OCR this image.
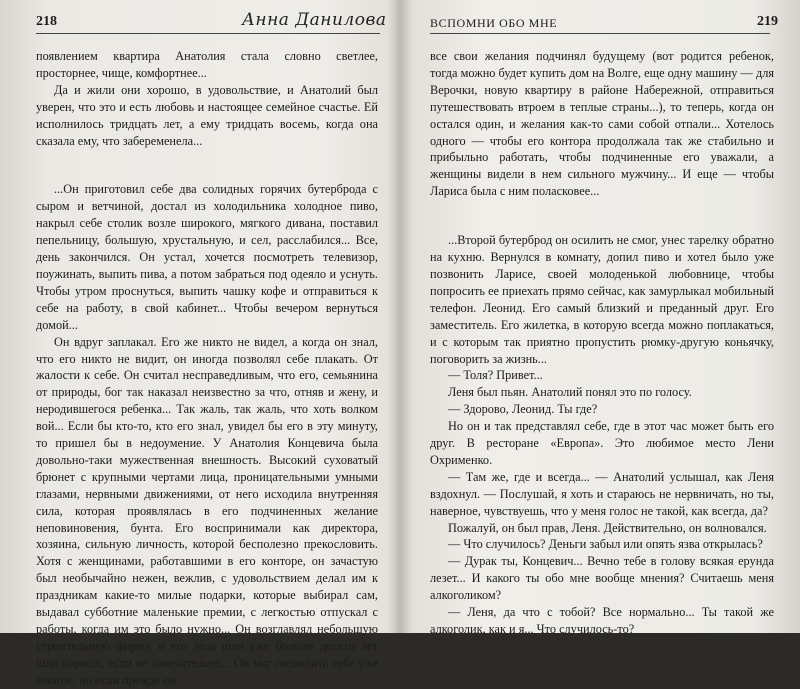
218	Анна Данилова

появлением квартира Анатолия стала словно светлее, просторнее, чище, комфортнее...

Да и жили они хорошо, в удовольствие, и Анатолий был уверен, что это и есть любовь и настоящее семейное счастье. Ей исполнилось тридцать лет, а ему тридцать восемь, когда она сказала ему, что забеременела...

...Он приготовил себе два солидных горячих бутерброда с сыром и ветчиной, достал из холодильника холодное пиво, накрыл себе столик возле широкого, мягкого дивана, поставил пепельницу, большую, хрустальную, и сел, расслабился... Все, день закончился. Он устал, хочется посмотреть телевизор, поужинать, выпить пива, а потом забраться под одеяло и уснуть. Чтобы утром проснуться, выпить чашку кофе и отправиться к себе на работу, в свой кабинет... Чтобы вечером вернуться домой...

Он вдруг заплакал. Его же никто не видел, а когда он знал, что его никто не видит, он иногда позволял себе плакать. От жалости к себе. Он считал несправедливым, что его, семьянина от природы, бог так наказал неизвестно за что, отняв и жену, и неродившегося ребенка... Так жаль, так жаль, что хоть волком вой... Если бы кто-то, кто его знал, увидел бы его в эту минуту, то пришел бы в недоумение. У Анатолия Концевича была довольно-таки мужественная внешность. Высокий суховатый брюнет с крупными чертами лица, проницательными умными глазами, нервными движениями, от него исходила внутренняя сила, которая проявлялась в его подчиненных желание неповиновения, бунта. Его воспринимали как директора, хозяина, сильную личность, которой бесполезно прекословить. Хотя с женщинами, работавшими в его конторе, он зачастую был необычайно нежен, вежлив, с удовольствием делал им к праздникам какие-то милые подарки, которые выбирал сам, выдавал субботние маленькие премии, с легкостью отпускал с работы, когда им это было нужно... Он возглавлял небольшую строительную фирму, и его дела шли уже больше десяти лет шли хорошо, если не замечательно... Он мог позволить себе уже многое, но если прежде он

ВСПОМНИ ОБО МНЕ	219

все свои желания подчинял будущему (вот родится ребенок, тогда можно будет купить дом на Волге, еще одну машину — для Верочки, новую квартиру в районе Набережной, отправиться путешествовать втроем в теплые страны...), то теперь, когда он остался один, и желания как-то сами собой отпали... Хотелось одного — чтобы его контора продолжала так же стабильно и прибыльно работать, чтобы подчиненные его уважали, а женщины видели в нем сильного мужчину... И еще — чтобы Лариса была с ним поласковее...

...Второй бутерброд он осилить не смог, унес тарелку обратно на кухню. Вернулся в комнату, допил пиво и хотел было уже позвонить Ларисе, своей молоденькой любовнице, чтобы попросить ее приехать прямо сейчас, как замурлыкал мобильный телефон. Леонид. Его самый близкий и преданный друг. Его заместитель. Его жилетка, в которую всегда можно поплакаться, и с которым так приятно пропустить рюмку-другую коньячку, поговорить за жизнь...

— Толя? Привет...

Леня был пьян. Анатолий понял это по голосу.

— Здорово, Леонид. Ты где?

Но он и так представлял себе, где в этот час может быть его друг. В ресторане «Европа». Это любимое место Лени Охрименко.

— Там же, где и всегда... — Анатолий услышал, как Леня вздохнул. — Послушай, я хоть и стараюсь не нервничать, но ты, наверное, чувствуешь, что у меня голос не такой, как всегда, да?

Пожалуй, он был прав, Леня. Действительно, он волновался.

— Что случилось? Деньги забыл или опять язва открылась?

— Дурак ты, Концевич... Вечно тебе в голову всякая ерунда лезет... И какого ты обо мне вообще мнения? Считаешь меня алкоголиком?

— Леня, да что с тобой? Все нормально... Ты такой же алкоголик, как и я... Что случилось-то?
